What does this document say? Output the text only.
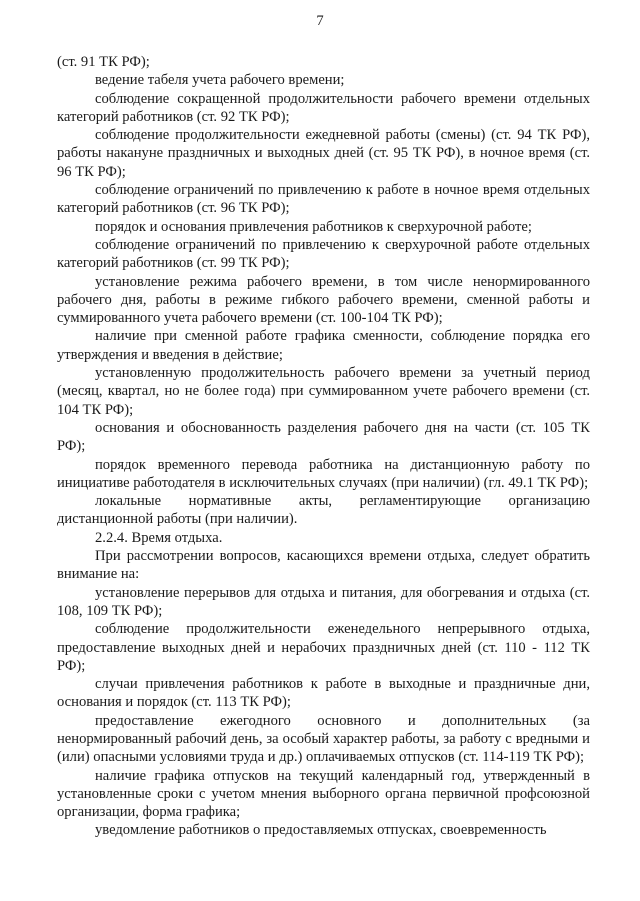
7

(ст. 91 ТК РФ);

ведение табеля учета рабочего времени;

соблюдение сокращенной продолжительности рабочего времени отдельных категорий работников (ст. 92 ТК РФ);

соблюдение продолжительности ежедневной работы (смены) (ст. 94 ТК РФ), работы накануне праздничных и выходных дней (ст. 95 ТК РФ), в ночное время (ст. 96 ТК РФ);

соблюдение ограничений по привлечению к работе в ночное время отдельных категорий работников (ст. 96 ТК РФ);

порядок и основания привлечения работников к сверхурочной работе;

соблюдение ограничений по привлечению к сверхурочной работе отдельных категорий работников (ст. 99 ТК РФ);

установление режима рабочего времени, в том числе ненормированного рабочего дня, работы в режиме гибкого рабочего времени, сменной работы и суммированного учета рабочего времени (ст. 100-104 ТК РФ);

наличие при сменной работе графика сменности, соблюдение порядка его утверждения и введения в действие;

установленную продолжительность рабочего времени за учетный период (месяц, квартал, но не более года) при суммированном учете рабочего времени (ст. 104 ТК РФ);

основания и обоснованность разделения рабочего дня на части (ст. 105 ТК РФ);

порядок временного перевода работника на дистанционную работу по инициативе работодателя в исключительных случаях (при наличии) (гл. 49.1 ТК РФ);

локальные нормативные акты, регламентирующие организацию дистанционной работы (при наличии).

2.2.4. Время отдыха.

При рассмотрении вопросов, касающихся времени отдыха, следует обратить внимание на:

установление перерывов для отдыха и питания, для обогревания и отдыха (ст. 108, 109 ТК РФ);

соблюдение продолжительности еженедельного непрерывного отдыха, предоставление выходных дней и нерабочих праздничных дней (ст. 110 - 112 ТК РФ);

случаи привлечения работников к работе в выходные и праздничные дни, основания и порядок (ст. 113 ТК РФ);

предоставление ежегодного основного и дополнительных (за ненормированный рабочий день, за особый характер работы, за работу с вредными и (или) опасными условиями труда и др.) оплачиваемых отпусков (ст. 114-119 ТК РФ);

наличие графика отпусков на текущий календарный год, утвержденный в установленные сроки с учетом мнения выборного органа первичной профсоюзной организации, форма графика;

уведомление работников о предоставляемых отпусках, своевременность
